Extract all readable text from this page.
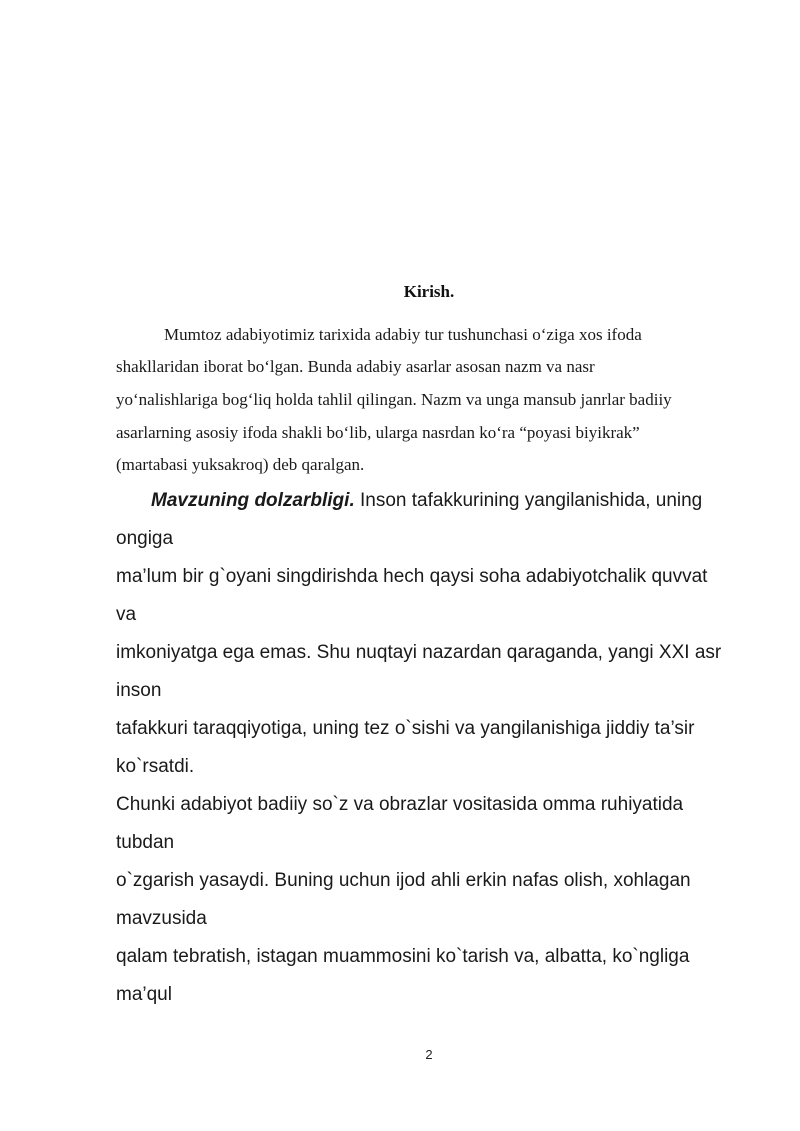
Kirish.

Mumtoz adabiyotimiz tarixida adabiy tur tushunchasi o‘ziga xos ifoda

shakllaridan iborat bo‘lgan. Bunda adabiy asarlar asosan nazm va nasr

yo‘nalishlariga bog‘liq holda tahlil qilingan. Nazm va unga mansub janrlar badiiy

asarlarning asosiy ifoda shakli bo‘lib, ularga nasrdan ko‘ra “poyasi biyikrak”

(martabasi yuksakroq) deb qaralgan.

Mavzuning dolzarbligi. Inson tafakkurining yangilanishida, uning

ongiga

ma’lum bir g`oyani singdirishda hech qaysi soha adabiyotchalik quvvat

va

imkoniyatga ega emas. Shu nuqtayi nazardan qaraganda, yangi XXI asr

inson

tafakkuri taraqqiyotiga, uning tez o`sishi va yangilanishiga jiddiy ta’sir

ko`rsatdi.

Chunki adabiyot badiiy so`z va obrazlar vositasida omma ruhiyatida

tubdan

o`zgarish yasaydi. Buning uchun ijod ahli erkin nafas olish, xohlagan

mavzusida

qalam tebratish, istagan muammosini ko`tarish va, albatta, ko`ngliga

ma’qul

2
